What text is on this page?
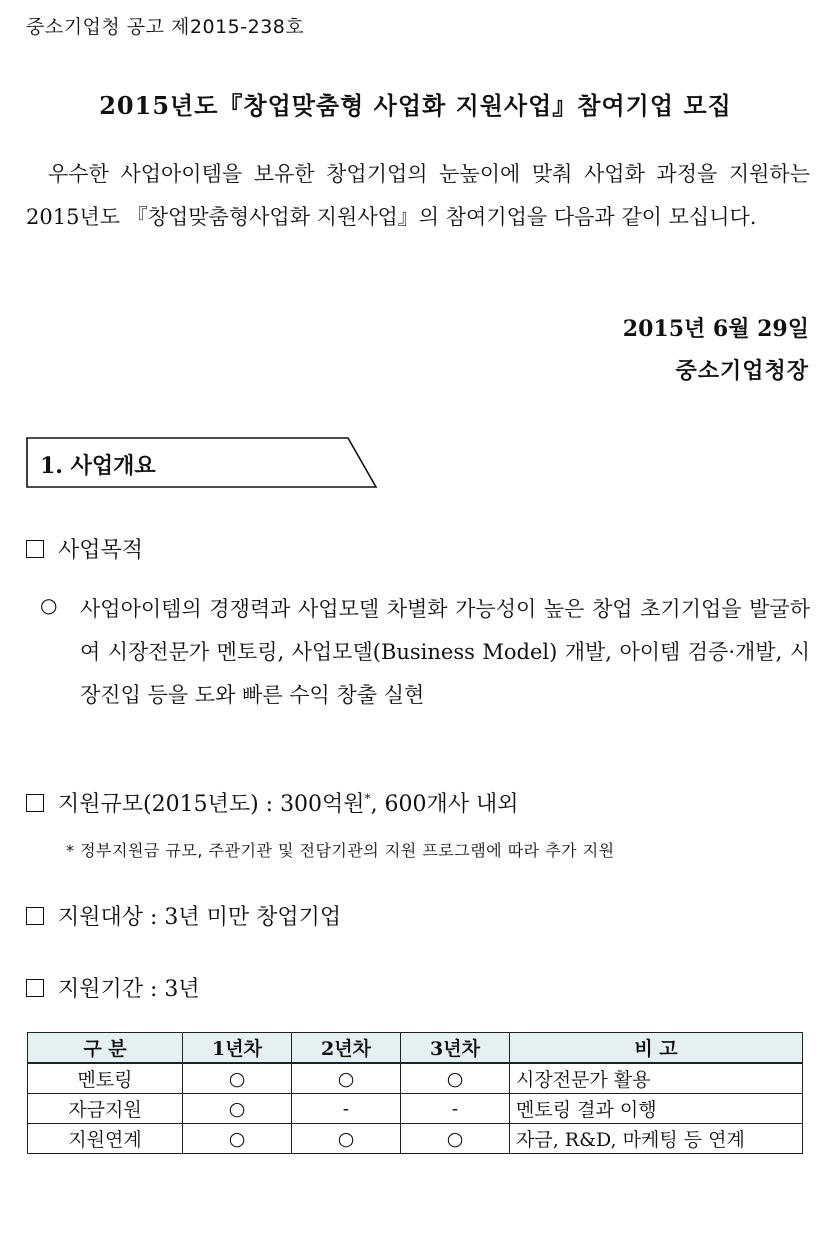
중소기업청 공고 제2015-238호
2015년도『창업맞춤형 사업화 지원사업』참여기업 모집
우수한 사업아이템을 보유한 창업기업의 눈높이에 맞춰 사업화 과정을 지원하는 2015년도 『창업맞춤형사업화 지원사업』의 참여기업을 다음과 같이 모십니다.
2015년 6월 29일
중소기업청장
1. 사업개요
사업목적
○ 사업아이템의 경쟁력과 사업모델 차별화 가능성이 높은 창업 초기기업을 발굴하여 시장전문가 멘토링, 사업모델(Business Model) 개발, 아이템 검증·개발, 시장진입 등을 도와 빠른 수익 창출 실현
지원규모(2015년도) : 300억원*, 600개사 내외
* 정부지원금 규모, 주관기관 및 전담기관의 지원 프로그램에 따라 추가 지원
지원대상 : 3년 미만 창업기업
지원기간 : 3년
구 분	1년차	2년차	3년차	비 고
멘토링	○	○	○	시장전문가 활용
자금지원	○	-	-	멘토링 결과 이행
지원연계	○	○	○	자금, R&D, 마케팅 등 연계
